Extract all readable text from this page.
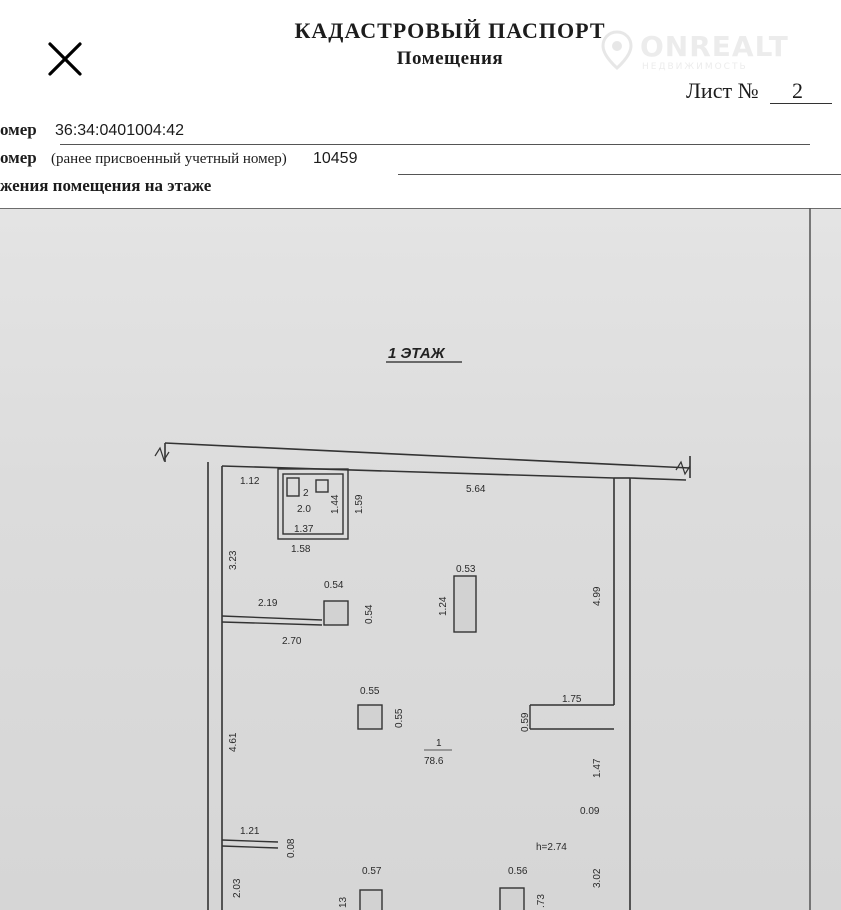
КАДАСТРОВЫЙ ПАСПОРТ
Помещения	ONREALT
НЕДВИЖИМОСТЬ
Лист № 2
омер 36:34:0401004:42
омер (ранее присвоенный учетный номер) 10459
жения помещения на этаже
1 ЭТАЖ
1.12
5.64
2
2.0
1.37
1.58
1.44 1.59
3.23
0.54
0.54
2.19
2.70
0.53
1.24
4.99
0.55
0.55
1.75
0.59
4.61	1
78.6	1.47
0.09
1.21
0.08	h=2.74
0.57	0.56	3.02
2.03
13	.73
